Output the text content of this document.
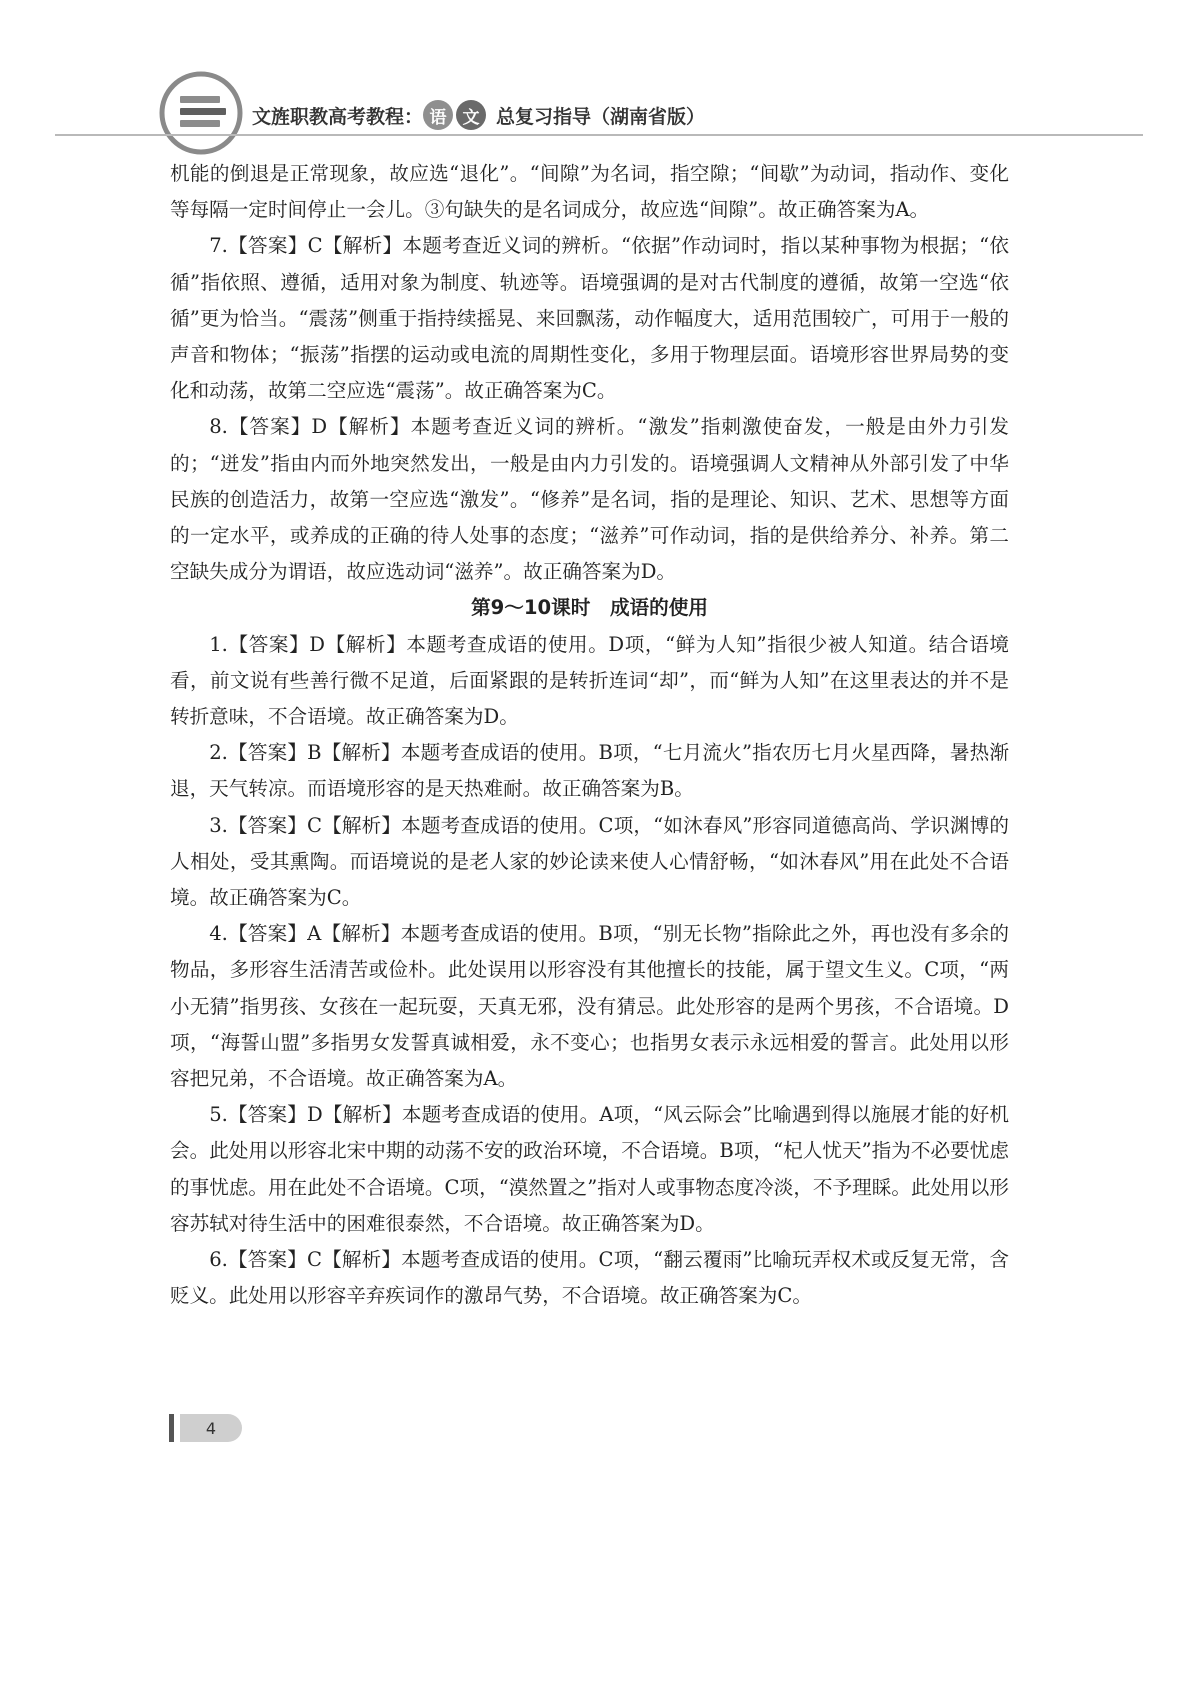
文旌职教高考教程： 语 文 总复习指导（湖南省版）

机能的倒退是正常现象，故应选“退化”。“间隙”为名词，指空隙；“间歇”为动词，指动作、变化等每隔一定时间停止一会儿。③句缺失的是名词成分，故应选“间隙”。故正确答案为A。

7.【答案】C【解析】本题考查近义词的辨析。“依据”作动词时，指以某种事物为根据；“依循”指依照、遵循，适用对象为制度、轨迹等。语境强调的是对古代制度的遵循，故第一空选“依循”更为恰当。“震荡”侧重于指持续摇晃、来回飘荡，动作幅度大，适用范围较广，可用于一般的声音和物体；“振荡”指摆的运动或电流的周期性变化，多用于物理层面。语境形容世界局势的变化和动荡，故第二空应选“震荡”。故正确答案为C。

8.【答案】D【解析】本题考查近义词的辨析。“激发”指刺激使奋发，一般是由外力引发的；“迸发”指由内而外地突然发出，一般是由内力引发的。语境强调人文精神从外部引发了中华民族的创造活力，故第一空应选“激发”。“修养”是名词，指的是理论、知识、艺术、思想等方面的一定水平，或养成的正确的待人处事的态度；“滋养”可作动词，指的是供给养分、补养。第二空缺失成分为谓语，故应选动词“滋养”。故正确答案为D。

第9～10课时　成语的使用

1.【答案】D【解析】本题考查成语的使用。D项，“鲜为人知”指很少被人知道。结合语境看，前文说有些善行微不足道，后面紧跟的是转折连词“却”，而“鲜为人知”在这里表达的并不是转折意味，不合语境。故正确答案为D。

2.【答案】B【解析】本题考查成语的使用。B项，“七月流火”指农历七月火星西降，暑热渐退，天气转凉。而语境形容的是天热难耐。故正确答案为B。

3.【答案】C【解析】本题考查成语的使用。C项，“如沐春风”形容同道德高尚、学识渊博的人相处，受其熏陶。而语境说的是老人家的妙论读来使人心情舒畅，“如沐春风”用在此处不合语境。故正确答案为C。

4.【答案】A【解析】本题考查成语的使用。B项，“别无长物”指除此之外，再也没有多余的物品，多形容生活清苦或俭朴。此处误用以形容没有其他擅长的技能，属于望文生义。C项，“两小无猜”指男孩、女孩在一起玩耍，天真无邪，没有猜忌。此处形容的是两个男孩，不合语境。D项，“海誓山盟”多指男女发誓真诚相爱，永不变心；也指男女表示永远相爱的誓言。此处用以形容把兄弟，不合语境。故正确答案为A。

5.【答案】D【解析】本题考查成语的使用。A项，“风云际会”比喻遇到得以施展才能的好机会。此处用以形容北宋中期的动荡不安的政治环境，不合语境。B项，“杞人忧天”指为不必要忧虑的事忧虑。用在此处不合语境。C项，“漠然置之”指对人或事物态度冷淡，不予理睬。此处用以形容苏轼对待生活中的困难很泰然，不合语境。故正确答案为D。

6.【答案】C【解析】本题考查成语的使用。C项，“翻云覆雨”比喻玩弄权术或反复无常，含贬义。此处用以形容辛弃疾词作的激昂气势，不合语境。故正确答案为C。

4
